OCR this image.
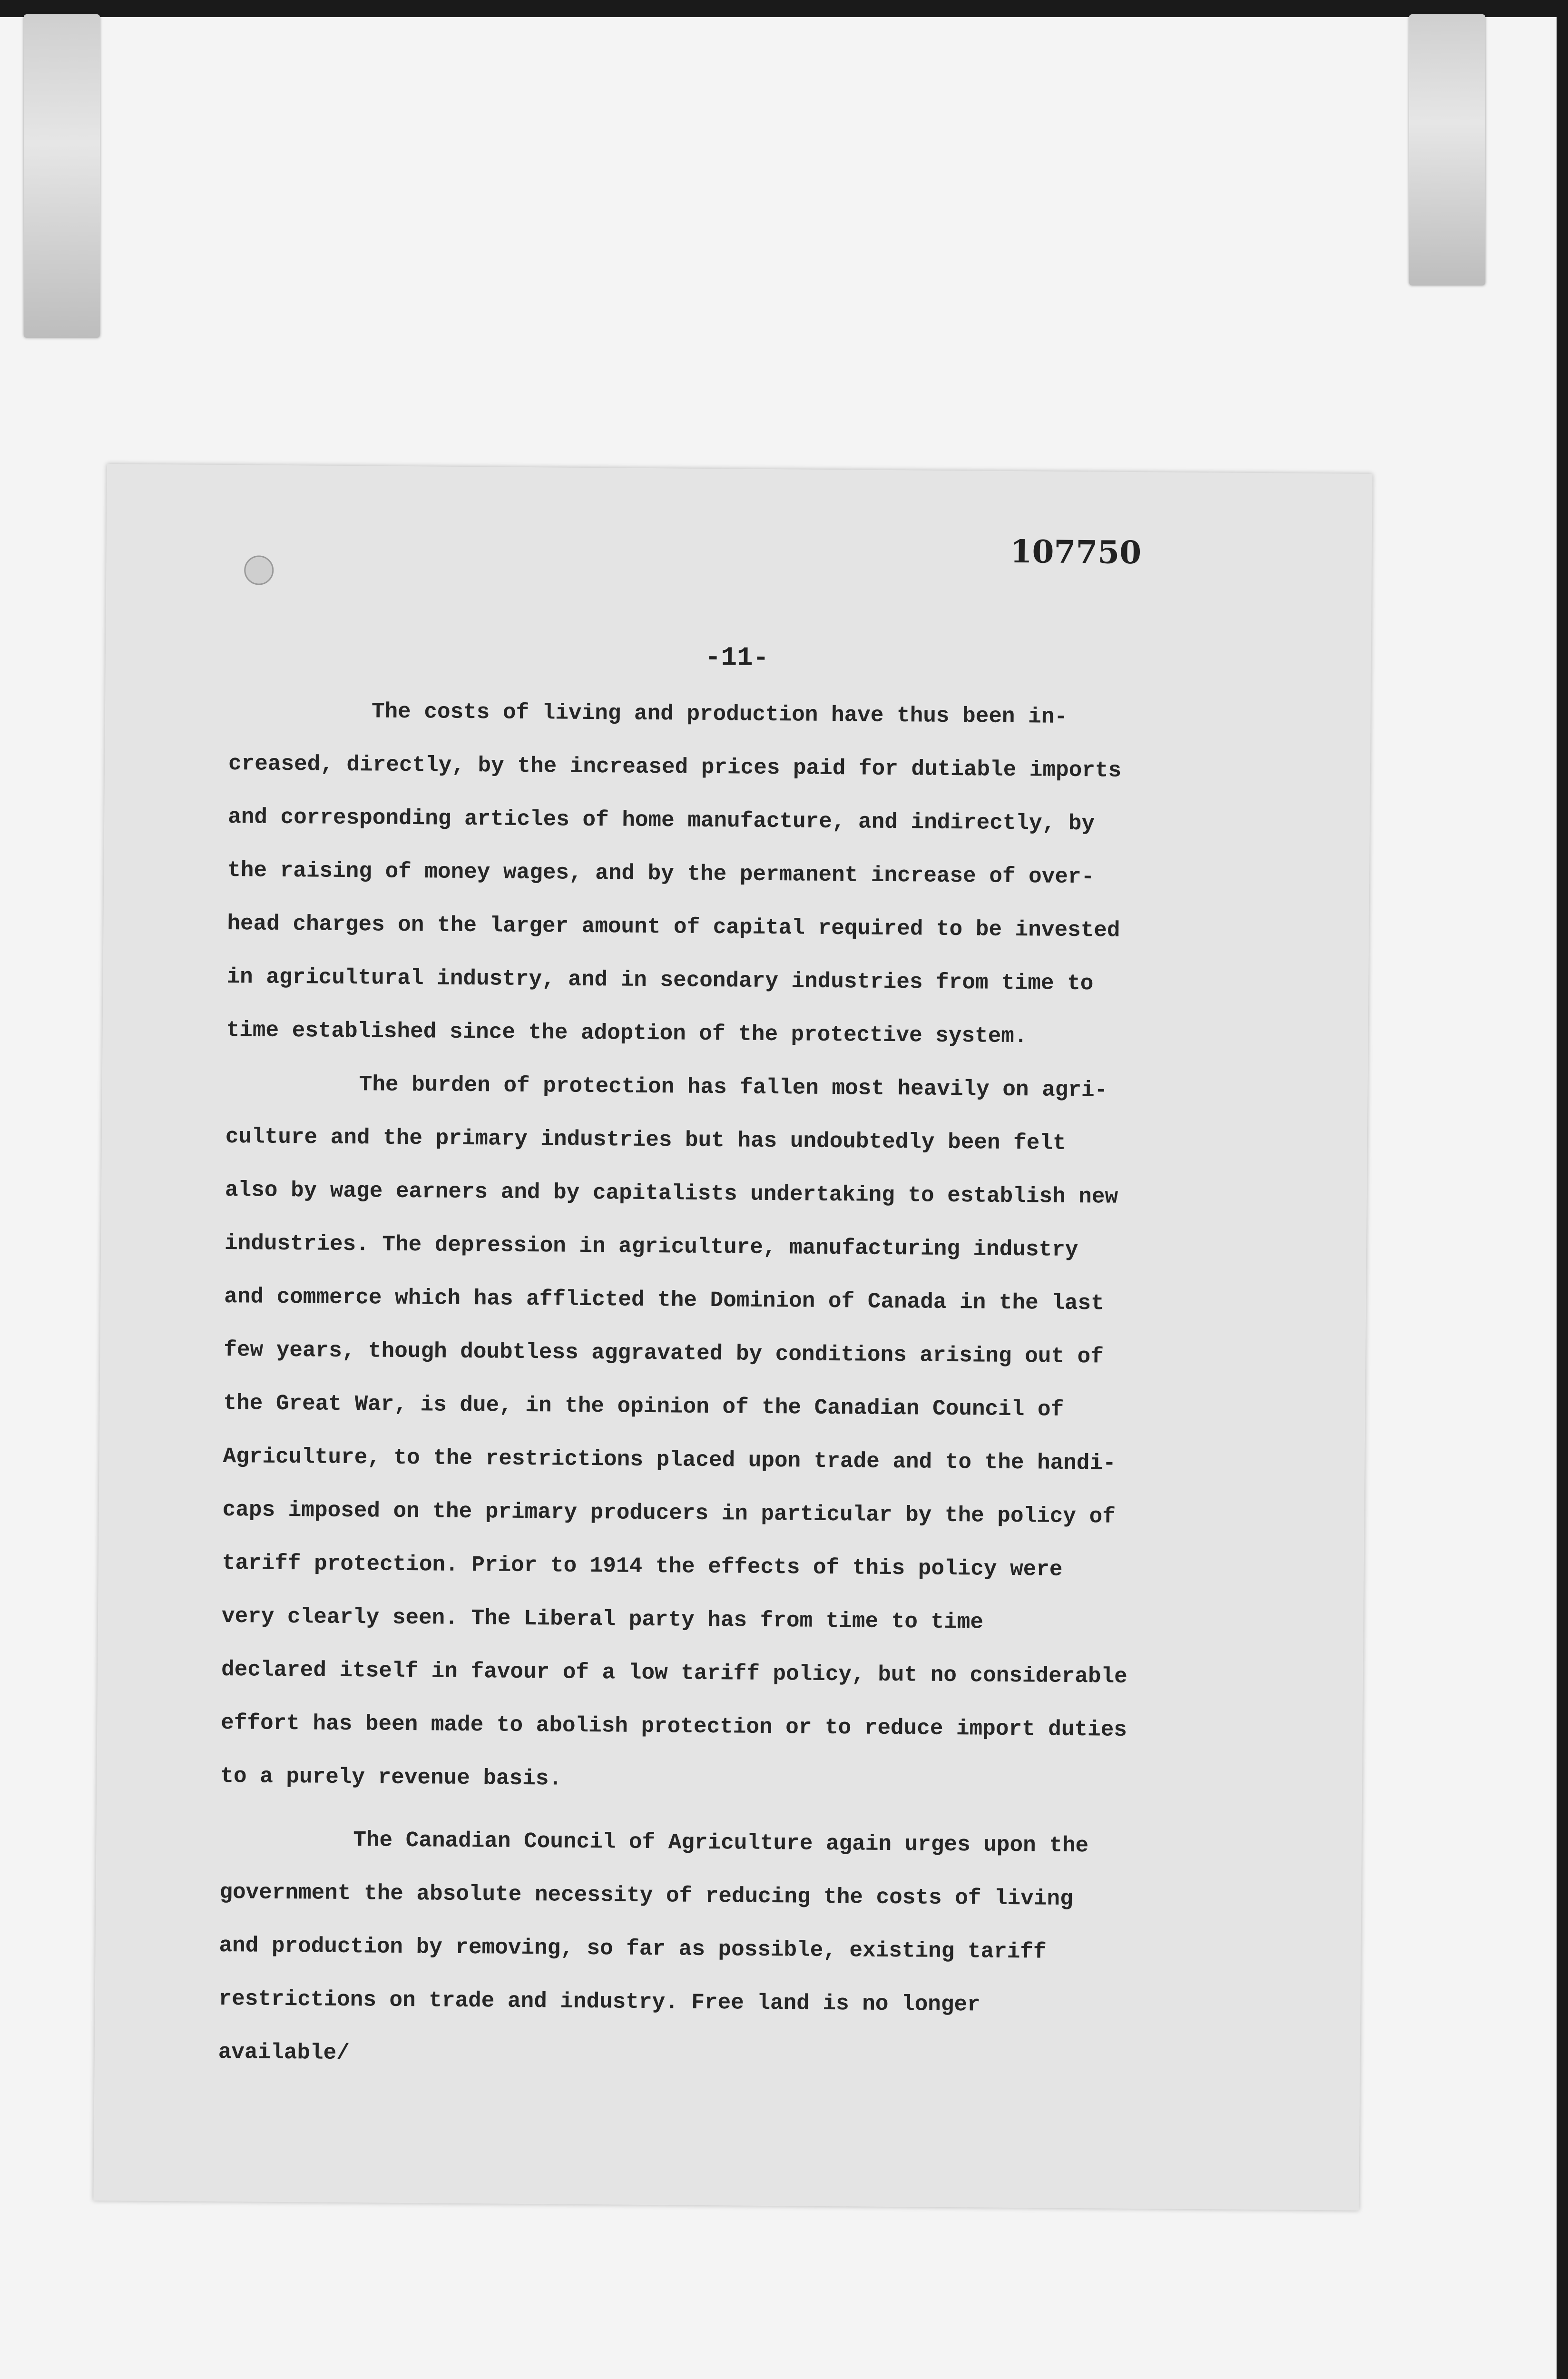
107750
-11-

The costs of living and production have thus been in-
creased, directly, by the increased prices paid for dutiable imports
and corresponding articles of home manufacture, and indirectly, by
the raising of money wages, and by the permanent increase of over-
head charges on the larger amount of capital required to be invested
in agricultural industry, and in secondary industries from time to
time established since the adoption of the protective system.

The burden of protection has fallen most heavily on agri-
culture and the primary industries but has undoubtedly been felt
also by wage earners and by capitalists undertaking to establish new
industries. The depression in agriculture, manufacturing industry
and commerce which has afflicted the Dominion of Canada in the last
few years, though doubtless aggravated by conditions arising out of
the Great War, is due, in the opinion of the Canadian Council of
Agriculture, to the restrictions placed upon trade and to the handi-
caps imposed on the primary producers in particular by the policy of
tariff protection. Prior to 1914 the effects of this policy were
very clearly seen. The Liberal party has from time to time
declared itself in favour of a low tariff policy, but no considerable
effort has been made to abolish protection or to reduce import duties
to a purely revenue basis.

The Canadian Council of Agriculture again urges upon the
government the absolute necessity of reducing the costs of living
and production by removing, so far as possible, existing tariff
restrictions on trade and industry. Free land is no longer
available/
